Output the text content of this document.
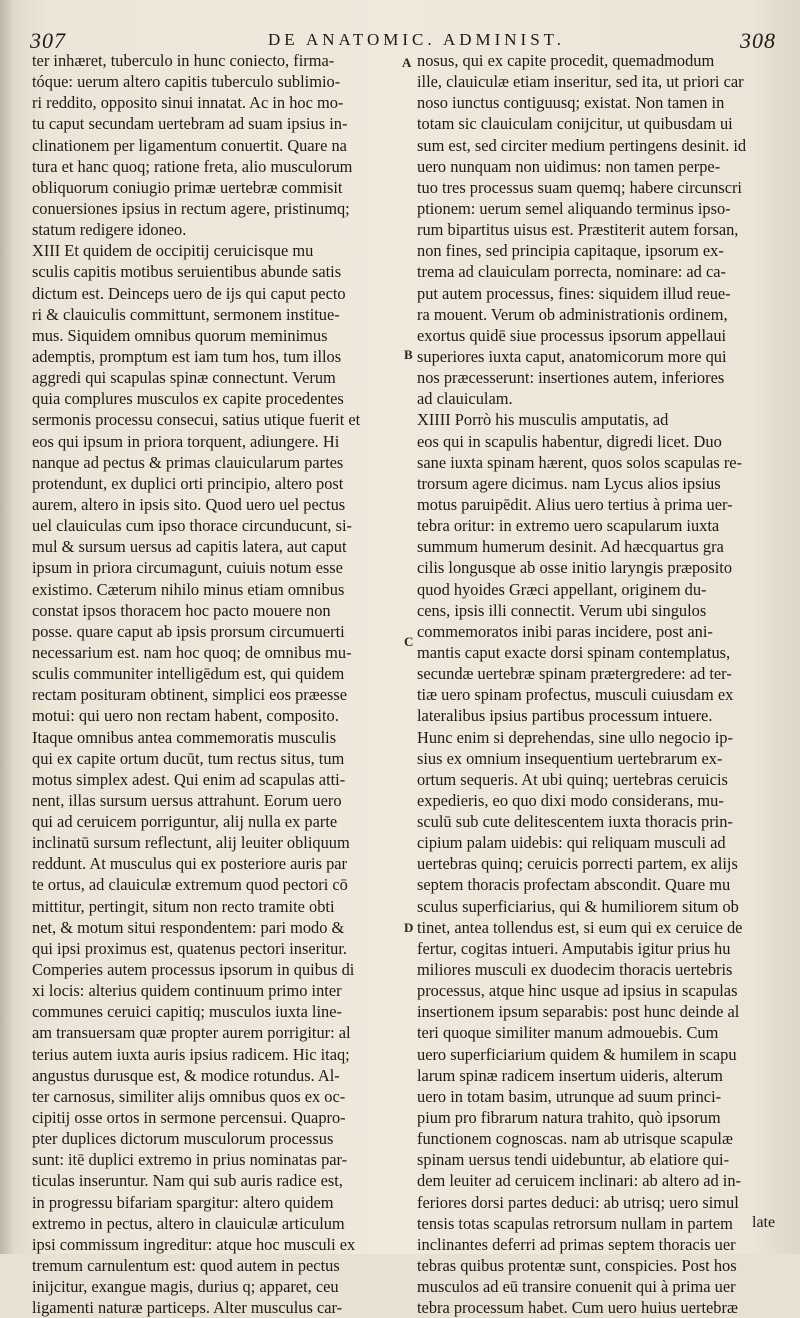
307	DE ANATOMIC. ADMINIST.	308
ter inhæret, tuberculo in hunc coniecto, firma-
tóque: uerum altero capitis tuberculo sublimio-
ri reddito, opposito sinui innatat. Ac in hoc mo-
tu caput secundam uertebram ad suam ipsius in-
clinationem per ligamentum conuertit. Quare na
tura et hanc quoq; ratione freta, alio musculorum
obliquorum coniugio primæ uertebræ commisit
conuersiones ipsius in rectum agere, pristinumq;
statum redigere idoneo.
XIII Et quidem de occipitij ceruicisque mu
sculis capitis motibus seruientibus abunde satis
dictum est. Deinceps uero de ijs qui caput pecto
ri & clauiculis committunt, sermonem institue-
mus. Siquidem omnibus quorum meminimus
ademptis, promptum est iam tum hos, tum illos
aggredi qui scapulas spinæ connectunt. Verum
quia complures musculos ex capite procedentes
sermonis processu consecui, satius utique fuerit et
eos qui ipsum in priora torquent, adiungere. Hi
nanque ad pectus & primas clauicularum partes
protendunt, ex duplici orti principio, altero post
aurem, altero in ipsis sito. Quod uero uel pectus
uel clauiculas cum ipso thorace circunducunt, si-
mul & sursum uersus ad capitis latera, aut caput
ipsum in priora circumagunt, cuiuis notum esse
existimo. Cæterum nihilo minus etiam omnibus
constat ipsos thoracem hoc pacto mouere non
posse. quare caput ab ipsis prorsum circumuerti
necessarium est. nam hoc quoq; de omnibus mu-
sculis communiter intelligēdum est, qui quidem
rectam posituram obtinent, simplici eos præesse
motui: qui uero non rectam habent, composito.
Itaque omnibus antea commemoratis musculis
qui ex capite ortum ducūt, tum rectus situs, tum
motus simplex adest. Qui enim ad scapulas atti-
nent, illas sursum uersus attrahunt. Eorum uero
qui ad ceruicem porriguntur, alij nulla ex parte
inclinatū sursum reflectunt, alij leuiter obliquum
reddunt. At musculus qui ex posteriore auris par
te ortus, ad clauiculæ extremum quod pectori cō
mittitur, pertingit, situm non recto tramite obti
net, & motum situi respondentem: pari modo &
qui ipsi proximus est, quatenus pectori inseritur.
Comperies autem processus ipsorum in quibus di
xi locis: alterius quidem continuum primo inter
communes ceruici capitiq; musculos iuxta line-
am transuersam quæ propter aurem porrigitur: al
terius autem iuxta auris ipsius radicem. Hic itaq;
angustus durusque est, & modice rotundus. Al-
ter carnosus, similiter alijs omnibus quos ex oc-
cipitij osse ortos in sermone percensui. Quapro-
pter duplices dictorum musculorum processus
sunt: itē duplici extremo in prius nominatas par-
ticulas inseruntur. Nam qui sub auris radice est,
in progressu bifariam spargitur: altero quidem
extremo in pectus, altero in clauiculæ articulum
ipsi commissum ingreditur: atque hoc musculi ex
tremum carnulentum est: quod autem in pectus
inijcitur, exangue magis, durius q; apparet, ceu
ligamenti naturæ particeps. Alter musculus car-
nosus, qui ex capite procedit, quemadmodum
ille, clauiculæ etiam inseritur, sed ita, ut priori car
noso iunctus contiguusq; existat. Non tamen in
totam sic clauiculam conijcitur, ut quibusdam ui
sum est, sed circiter medium pertingens desinit. id
uero nunquam non uidimus: non tamen perpe-
tuo tres processus suam quemq; habere circunscri
ptionem: uerum semel aliquando terminus ipso-
rum bipartitus uisus est. Præstiterit autem forsan,
non fines, sed principia capitaque, ipsorum ex-
trema ad clauiculam porrecta, nominare: ad ca-
put autem processus, fines: siquidem illud reue-
ra mouent. Verum ob administrationis ordinem,
exortus quidē siue processus ipsorum appellaui
superiores iuxta caput, anatomicorum more qui
nos præcesserunt: insertiones autem, inferiores
ad clauiculam.
XIIII Porrò his musculis amputatis, ad
eos qui in scapulis habentur, digredi licet. Duo
sane iuxta spinam hærent, quos solos scapulas re-
trorsum agere dicimus. nam Lycus alios ipsius
motus paruipēdit. Alius uero tertius à prima uer-
tebra oritur: in extremo uero scapularum iuxta
summum humerum desinit. Ad hæcquartus gra
cilis longusque ab osse initio laryngis præposito
quod hyoides Græci appellant, originem du-
cens, ipsis illi connectit. Verum ubi singulos
commemoratos inibi paras incidere, post ani-
mantis caput exacte dorsi spinam contemplatus,
secundæ uertebræ spinam prætergredere: ad ter-
tiæ uero spinam profectus, musculi cuiusdam ex
lateralibus ipsius partibus processum intuere.
Hunc enim si deprehendas, sine ullo negocio ip-
sius ex omnium insequentium uertebrarum ex-
ortum sequeris. At ubi quinq; uertebras ceruicis
expedieris, eo quo dixi modo considerans, mu-
sculū sub cute delitescentem iuxta thoracis prin-
cipium palam uidebis: qui reliquam musculi ad
uertebras quinq; ceruicis porrecti partem, ex alijs
septem thoracis profectam abscondit. Quare mu
sculus superficiarius, qui & humiliorem situm ob
tinet, antea tollendus est, si eum qui ex ceruice de
fertur, cogitas intueri. Amputabis igitur prius hu
miliores musculi ex duodecim thoracis uertebris
processus, atque hinc usque ad ipsius in scapulas
insertionem ipsum separabis: post hunc deinde al
teri quoque similiter manum admouebis. Cum
uero superficiarium quidem & humilem in scapu
larum spinæ radicem insertum uideris, alterum
uero in totam basim, utrunque ad suum princi-
pium pro fibrarum natura trahito, quò ipsorum
functionem cognoscas. nam ab utrisque scapulæ
spinam uersus tendi uidebuntur, ab elatiore qui-
dem leuiter ad ceruicem inclinari: ab altero ad in-
feriores dorsi partes deduci: ab utrisq; uero simul
tensis totas scapulas retrorsum nullam in partem
inclinantes deferri ad primas septem thoracis uer
tebras quibus protentæ sunt, conspicies. Post hos
musculos ad eū transire conuenit qui à prima uer
tebra processum habet. Cum uero huius uertebræ
A
B
C
D
late
